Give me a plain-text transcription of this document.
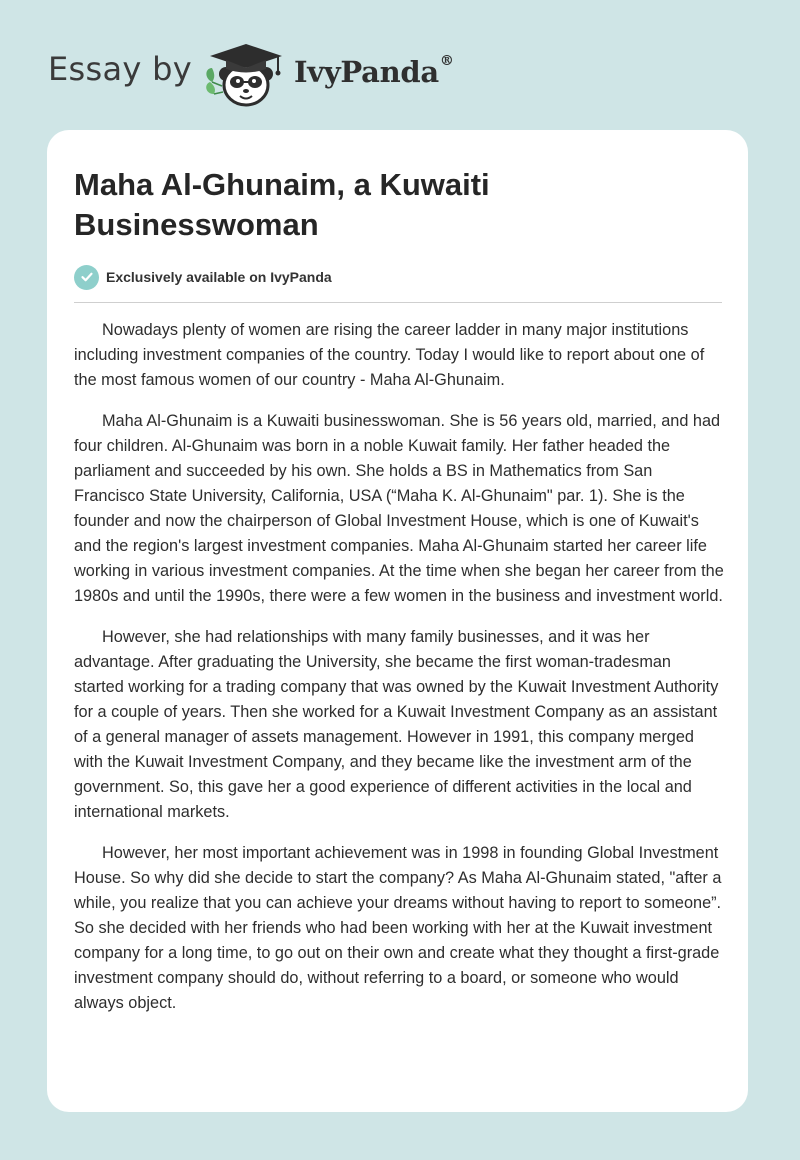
Essay by	IvyPanda®
Maha Al-Ghunaim, a Kuwaiti Businesswoman
Exclusively available on IvyPanda

Nowadays plenty of women are rising the career ladder in many major institutions including investment companies of the country. Today I would like to report about one of the most famous women of our country - Maha Al-Ghunaim.

Maha Al-Ghunaim is a Kuwaiti businesswoman. She is 56 years old, married, and had four children. Al-Ghunaim was born in a noble Kuwait family. Her father headed the parliament and succeeded by his own. She holds a BS in Mathematics from San Francisco State University, California, USA (“Maha K. Al-Ghunaim" par. 1). She is the founder and now the chairperson of Global Investment House, which is one of Kuwait's and the region's largest investment companies. Maha Al-Ghunaim started her career life working in various investment companies. At the time when she began her career from the 1980s and until the 1990s, there were a few women in the business and investment world.

However, she had relationships with many family businesses, and it was her advantage. After graduating the University, she became the first woman-tradesman started working for a trading company that was owned by the Kuwait Investment Authority for a couple of years. Then she worked for a Kuwait Investment Company as an assistant of a general manager of assets management. However in 1991, this company merged with the Kuwait Investment Company, and they became like the investment arm of the government. So, this gave her a good experience of different activities in the local and international markets.

However, her most important achievement was in 1998 in founding Global Investment House. So why did she decide to start the company? As Maha Al-Ghunaim stated, "after a while, you realize that you can achieve your dreams without having to report to someone”. So she decided with her friends who had been working with her at the Kuwait investment company for a long time, to go out on their own and create what they thought a first-grade investment company should do, without referring to a board, or someone who would always object.
